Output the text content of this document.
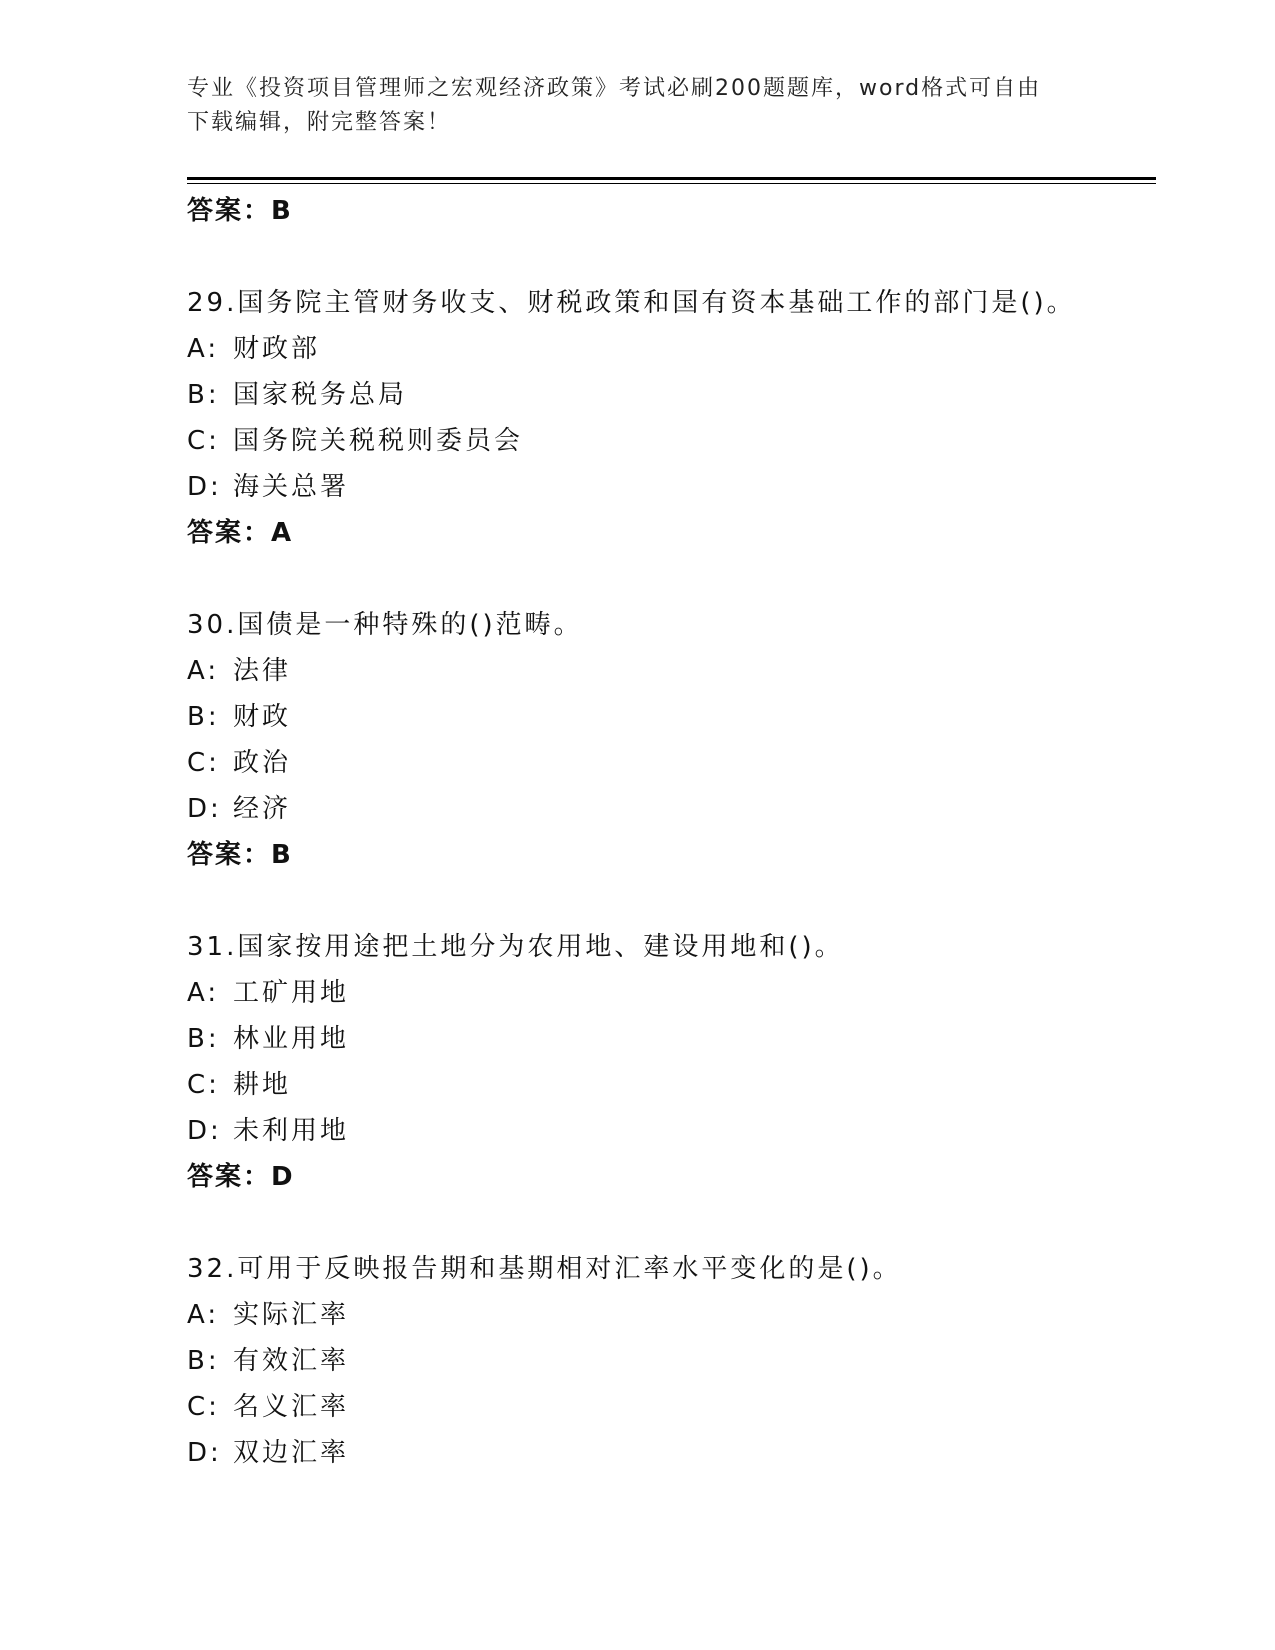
专业《投资项目管理师之宏观经济政策》考试必刷200题题库，word格式可自由
下载编辑，附完整答案！
答案：B
29.国务院主管财务收支、财税政策和国有资本基础工作的部门是()。
A: 财政部
B: 国家税务总局
C: 国务院关税税则委员会
D: 海关总署
答案：A
30.国债是一种特殊的()范畴。
A: 法律
B: 财政
C: 政治
D: 经济
答案：B
31.国家按用途把土地分为农用地、建设用地和()。
A: 工矿用地
B: 林业用地
C: 耕地
D: 未利用地
答案：D
32.可用于反映报告期和基期相对汇率水平变化的是()。
A: 实际汇率
B: 有效汇率
C: 名义汇率
D: 双边汇率
